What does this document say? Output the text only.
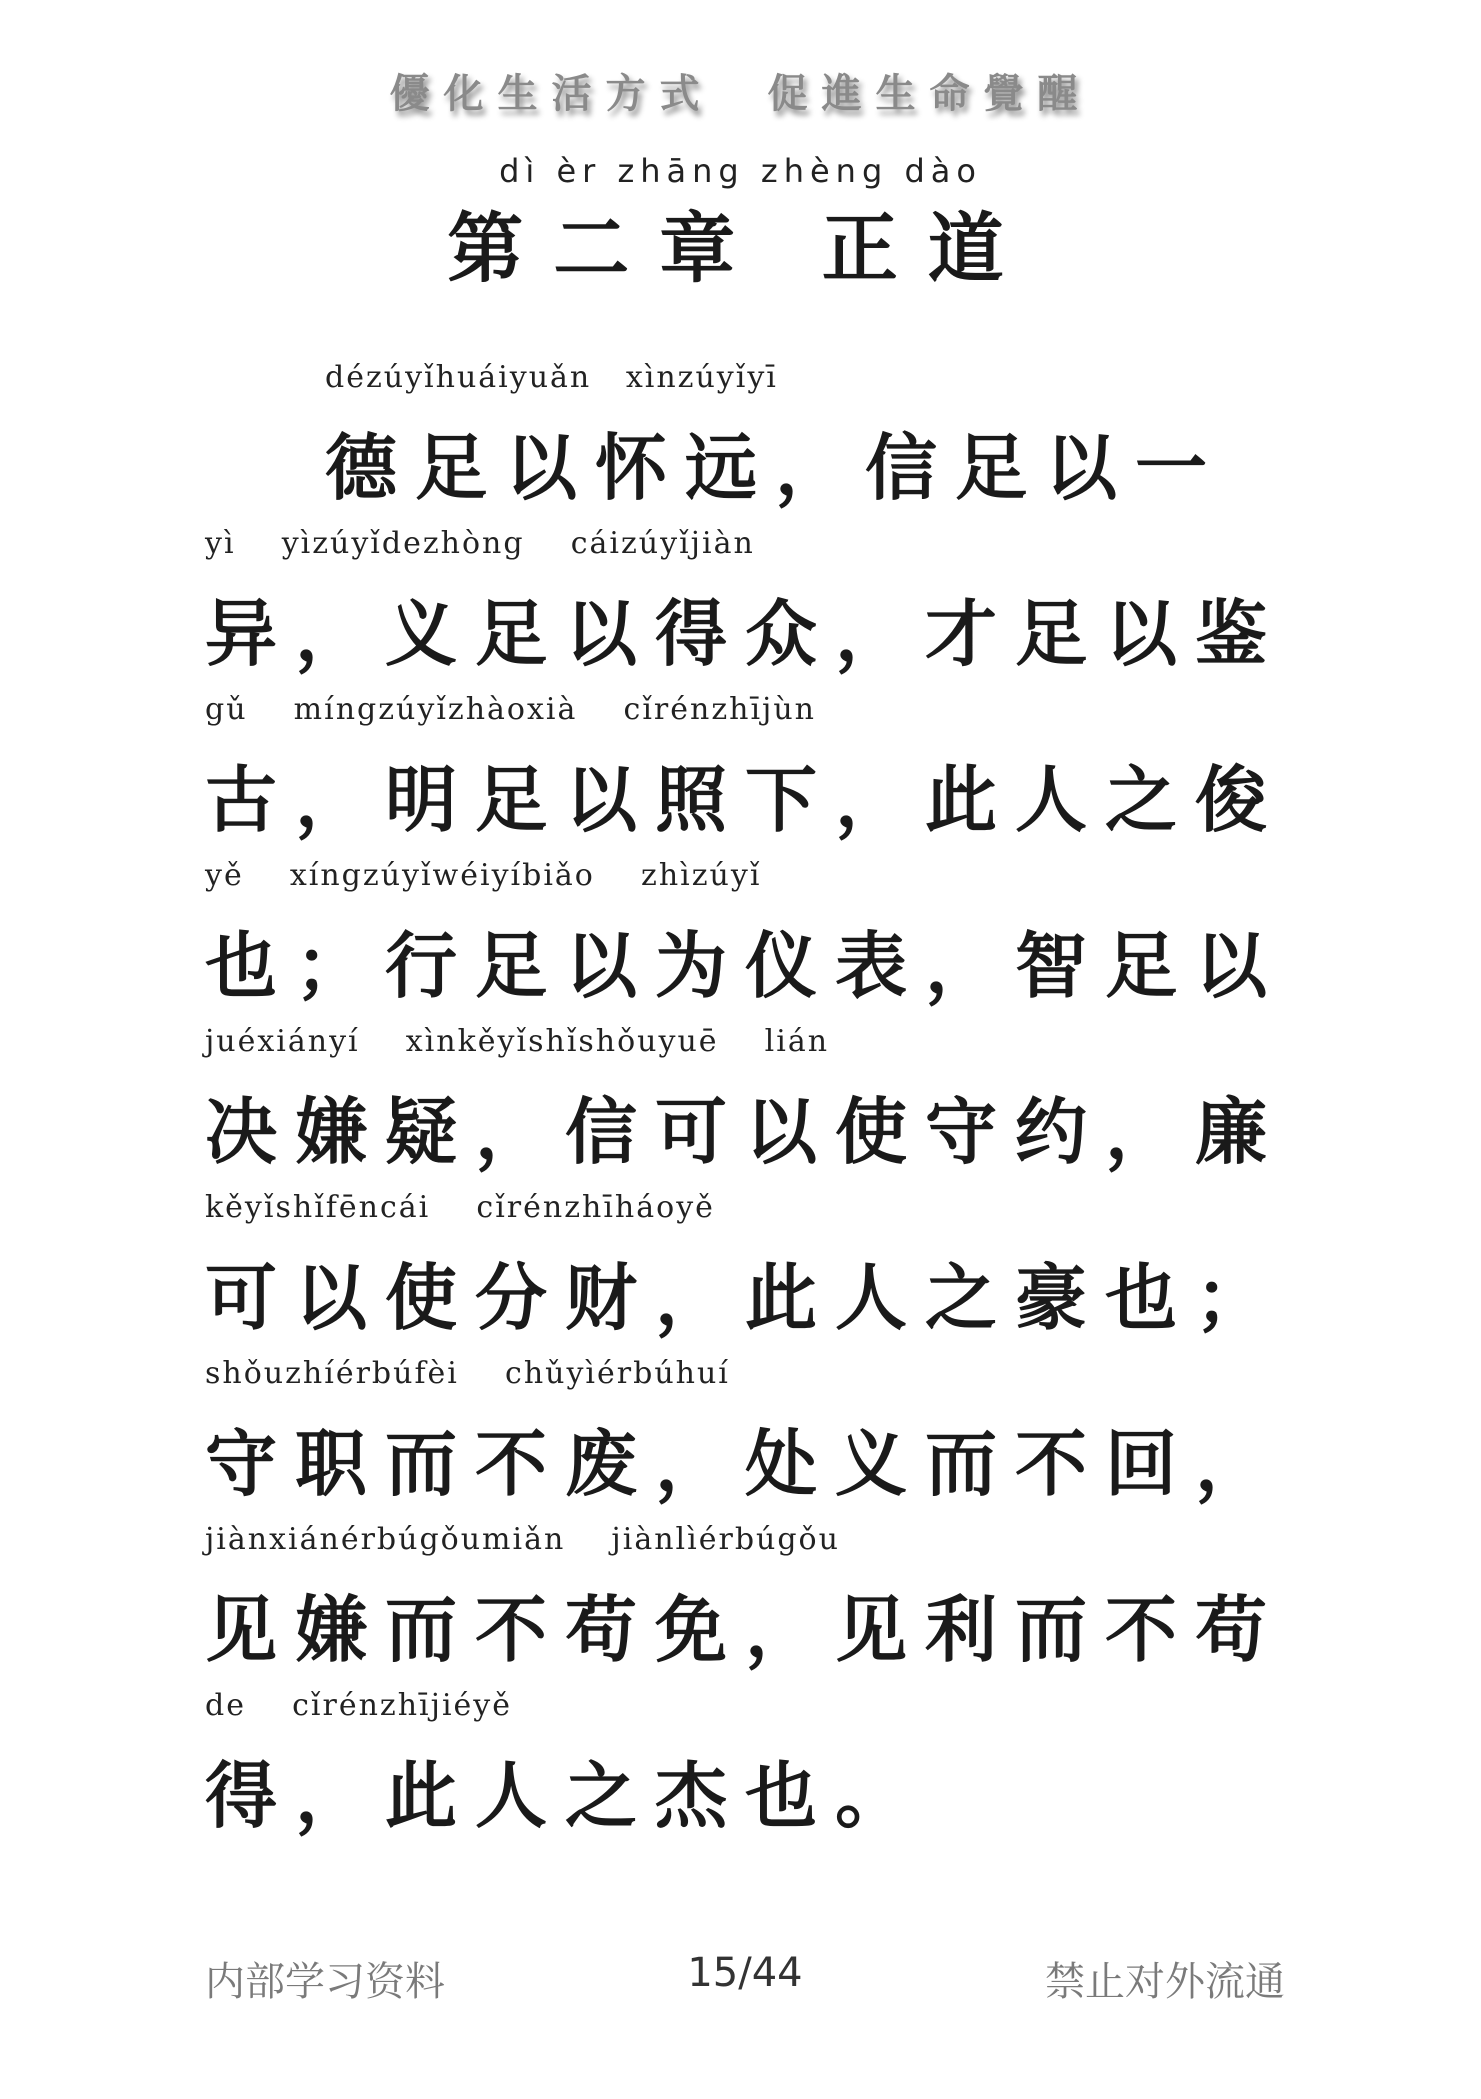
優化生活方式　促進生命覺醒
dì èr zhāng zhèng dào
第二章 正道
dézúyǐhuáiyuǎn   xìnzúyǐyī
德足以怀远，信足以一
yì    yìzúyǐdezhòng    cáizúyǐjiàn
异，义足以得众，才足以鉴
gǔ    míngzúyǐzhàoxià    cǐrénzhījùn
古，明足以照下，此人之俊
yě    xíngzúyǐwéiyíbiǎo    zhìzúyǐ
也；行足以为仪表，智足以
juéxiányí    xìnkěyǐshǐshǒuyuē    lián
决嫌疑，信可以使守约，廉
kěyǐshǐfēncái    cǐrénzhīháoyě
可以使分财，此人之豪也；
shǒuzhíérbúfèi    chǔyìérbúhuí
守职而不废，处义而不回，
jiànxiánérbúgǒumiǎn    jiànlìérbúgǒu
见嫌而不苟免，见利而不苟
de    cǐrénzhījiéyě
得，此人之杰也。
内部学习资料	15/44	禁止对外流通
